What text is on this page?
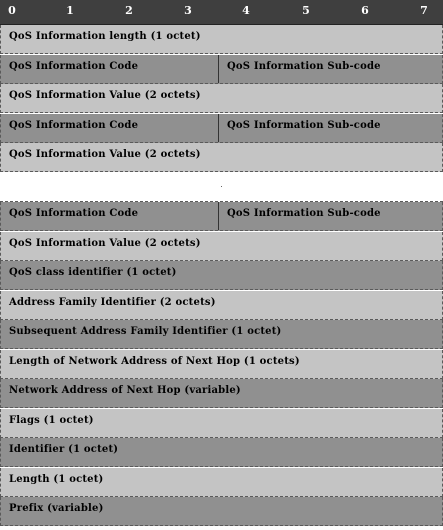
0	1	2	3	4	5	6	7
QoS Information length (1 octet)
QoS Information Code	QoS Information Sub-code
QoS Information Value (2 octets)
QoS Information Code	QoS Information Sub-code
QoS Information Value (2 octets)
QoS Information Code	QoS Information Sub-code
QoS Information Value (2 octets)
QoS class identifier (1 octet)
Address Family Identifier (2 octets)
Subsequent Address Family Identifier (1 octet)
Length of Network Address of Next Hop (1 octets)
Network Address of Next Hop (variable)
Flags (1 octet)
Identifier (1 octet)
Length (1 octet)
Prefix (variable)
